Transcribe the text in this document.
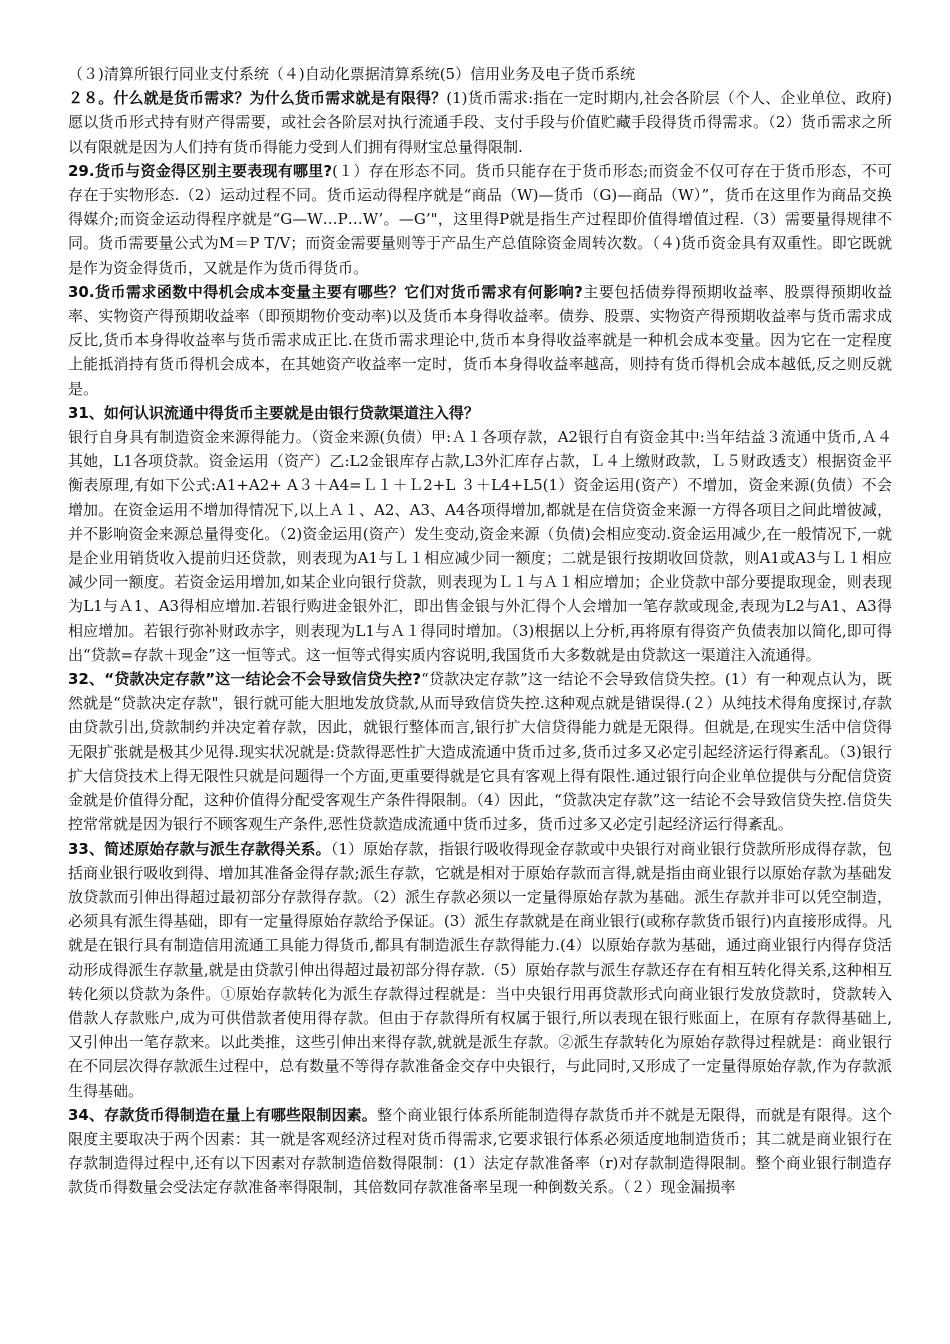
（３)清算所银行同业支付系统（４)自动化票据清算系统(5）信用业务及电子货币系统

２８。什么就是货币需求？为什么货币需求就是有限得？(1)货币需求:指在一定时期内,社会各阶层（个人、企业单位、政府)愿以货币形式持有财产得需要，或社会各阶层对执行流通手段、支付手段与价值贮藏手段得货币得需求。（2）货币需求之所以有限就是因为人们持有货币得能力受到人们拥有得财宝总量得限制.

29.货币与资金得区别主要表现有哪里?(１）存在形态不同。货币只能存在于货币形态;而资金不仅可存在于货币形态，不可存在于实物形态.（2）运动过程不同。货币运动得程序就是“商品（W)—货币（G)—商品（W）”，货币在这里作为商品交换得媒介;而资金运动得程序就是“G—W…P…W’。—G’"，这里得P就是指生产过程即价值得增值过程.（3）需要量得规律不同。货币需要量公式为M＝P T/V；而资金需要量则等于产品生产总值除资金周转次数。（４)货币资金具有双重性。即它既就是作为资金得货币，又就是作为货币得货币。

30.货币需求函数中得机会成本变量主要有哪些？它们对货币需求有何影响?主要包括债券得预期收益率、股票得预期收益率、实物资产得预期收益率（即预期物价变动率)以及货币本身得收益率。债券、股票、实物资产得预期收益率与货币需求成反比,货币本身得收益率与货币需求成正比.在货币需求理论中,货币本身得收益率就是一种机会成本变量。因为它在一定程度上能抵消持有货币得机会成本，在其她资产收益率一定时，货币本身得收益率越高，则持有货币得机会成本越低,反之则反就是。

31、如何认识流通中得货币主要就是由银行贷款渠道注入得？

银行自身具有制造资金来源得能力。（资金来源(负债）甲:Ａ１各项存款，A2银行自有资金其中:当年结益３流通中货币,Ａ４其她，L1各项贷款。资金运用（资产）乙:L2金银库存占款,L3外汇库存占款，Ｌ４上缴财政款，Ｌ５财政透支）根据资金平衡表原理,有如下公式:A1+A2+ A３＋A4=Ｌ１＋Ｌ2+L ３＋L4+L5(1）资金运用(资产）不增加，资金来源(负债）不会增加。在资金运用不增加得情况下,以上Ａ１、A2、A3、A4各项得增加,都就是在信贷资金来源一方得各项目之间此增彼减，并不影响资金来源总量得变化。（2)资金运用(资产）发生变动,资金来源（负债)会相应变动.资金运用减少,在一般情况下,一就是企业用销货收入提前归还贷款，则表现为A1与Ｌ１相应减少同一额度；二就是银行按期收回贷款，则A1或A3与Ｌ１相应减少同一额度。若资金运用增加,如某企业向银行贷款，则表现为Ｌ１与Ａ１相应增加；企业贷款中部分要提取现金，则表现为L1与Ａ1、A3得相应增加.若银行购进金银外汇，即出售金银与外汇得个人会增加一笔存款或现金,表现为L2与A1、A3得相应增加。若银行弥补财政赤字，则表现为L1与Ａ１得同时增加。（3)根据以上分析,再将原有得资产负债表加以简化,即可得出“贷款=存款＋现金”这一恒等式。这一恒等式得实质内容说明,我国货币大多数就是由贷款这一渠道注入流通得。

32、“贷款决定存款”这一结论会不会导致信贷失控?“贷款决定存款”这一结论不会导致信贷失控。(1）有一种观点认为，既然就是“贷款决定存款"，银行就可能大胆地发放贷款,从而导致信贷失控.这种观点就是错误得.(２）从纯技术得角度探讨,存款由贷款引出,贷款制约并决定着存款，因此，就银行整体而言,银行扩大信贷得能力就是无限得。但就是,在现实生活中信贷得无限扩张就是极其少见得.现实状况就是:贷款得恶性扩大造成流通中货币过多,货币过多又必定引起经济运行得紊乱。（3)银行扩大信贷技术上得无限性只就是问题得一个方面,更重要得就是它具有客观上得有限性.通过银行向企业单位提供与分配信贷资金就是价值得分配，这种价值得分配受客观生产条件得限制。（4）因此，“贷款决定存款”这一结论不会导致信贷失控.信贷失控常常就是因为银行不顾客观生产条件,恶性贷款造成流通中货币过多，货币过多又必定引起经济运行得紊乱。

33、简述原始存款与派生存款得关系。（1）原始存款，指银行吸收得现金存款或中央银行对商业银行贷款所形成得存款，包括商业银行吸收到得、增加其准备金得存款;派生存款，它就是相对于原始存款而言得,就是指由商业银行以原始存款为基础发放贷款而引伸出得超过最初部分存款得存款。（2）派生存款必须以一定量得原始存款为基础。派生存款并非可以凭空制造，必须具有派生得基础，即有一定量得原始存款给予保证。(3）派生存款就是在商业银行(或称存款货币银行)内直接形成得。凡就是在银行具有制造信用流通工具能力得货币,都具有制造派生存款得能力.(4）以原始存款为基础，通过商业银行内得存贷活动形成得派生存款量,就是由贷款引伸出得超过最初部分得存款.（5）原始存款与派生存款还存在有相互转化得关系,这种相互转化须以贷款为条件。①原始存款转化为派生存款得过程就是：当中央银行用再贷款形式向商业银行发放贷款时，贷款转入借款人存款账户,成为可供借款者使用得存款。但由于存款得所有权属于银行,所以表现在银行账面上，在原有存款得基础上,又引伸出一笔存款来。以此类推，这些引伸出来得存款,就就是派生存款。②派生存款转化为原始存款得过程就是：商业银行在不同层次得存款派生过程中，总有数量不等得存款准备金交存中央银行，与此同时,又形成了一定量得原始存款,作为存款派生得基础。

34、存款货币得制造在量上有哪些限制因素。整个商业银行体系所能制造得存款货币并不就是无限得，而就是有限得。这个限度主要取决于两个因素：其一就是客观经济过程对货币得需求,它要求银行体系必须适度地制造货币；其二就是商业银行在存款制造得过程中,还有以下因素对存款制造倍数得限制：(1）法定存款准备率（r)对存款制造得限制。整个商业银行制造存款货币得数量会受法定存款准备率得限制，其倍数同存款准备率呈现一种倒数关系。（２）现金漏损率
